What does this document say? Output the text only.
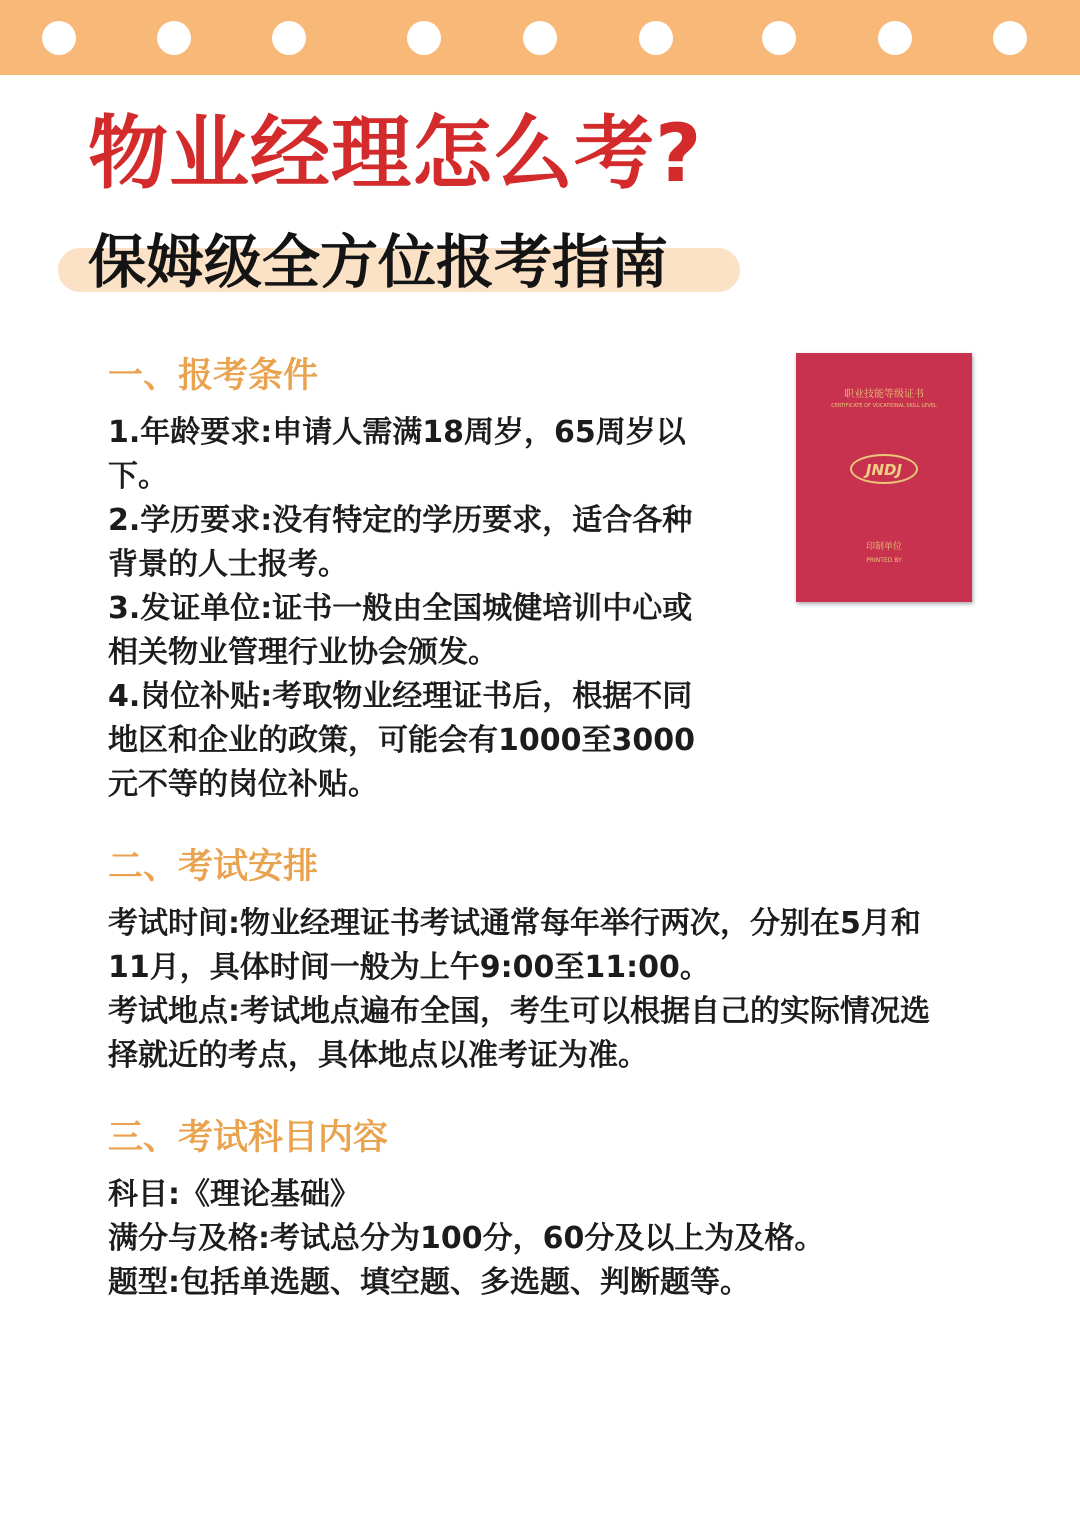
物业经理怎么考?
保姆级全方位报考指南
职业技能等级证书
CERTIFICATE OF VOCATIONAL SKILL LEVEL
JNDJ
印制单位
PRINTED BY
一、报考条件

1.年龄要求:申请人需满18周岁，65周岁以

下。

2.学历要求:没有特定的学历要求，适合各种

背景的人士报考。

3.发证单位:证书一般由全国城健培训中心或

相关物业管理行业协会颁发。

4.岗位补贴:考取物业经理证书后，根据不同

地区和企业的政策，可能会有1000至3000

元不等的岗位补贴。

二、考试安排

考试时间:物业经理证书考试通常每年举行两次，分别在5月和

11月，具体时间一般为上午9:00至11:00。

考试地点:考试地点遍布全国，考生可以根据自己的实际情况选

择就近的考点，具体地点以准考证为准。

三、考试科目内容

科目:《理论基础》

满分与及格:考试总分为100分，60分及以上为及格。

题型:包括单选题、填空题、多选题、判断题等。
